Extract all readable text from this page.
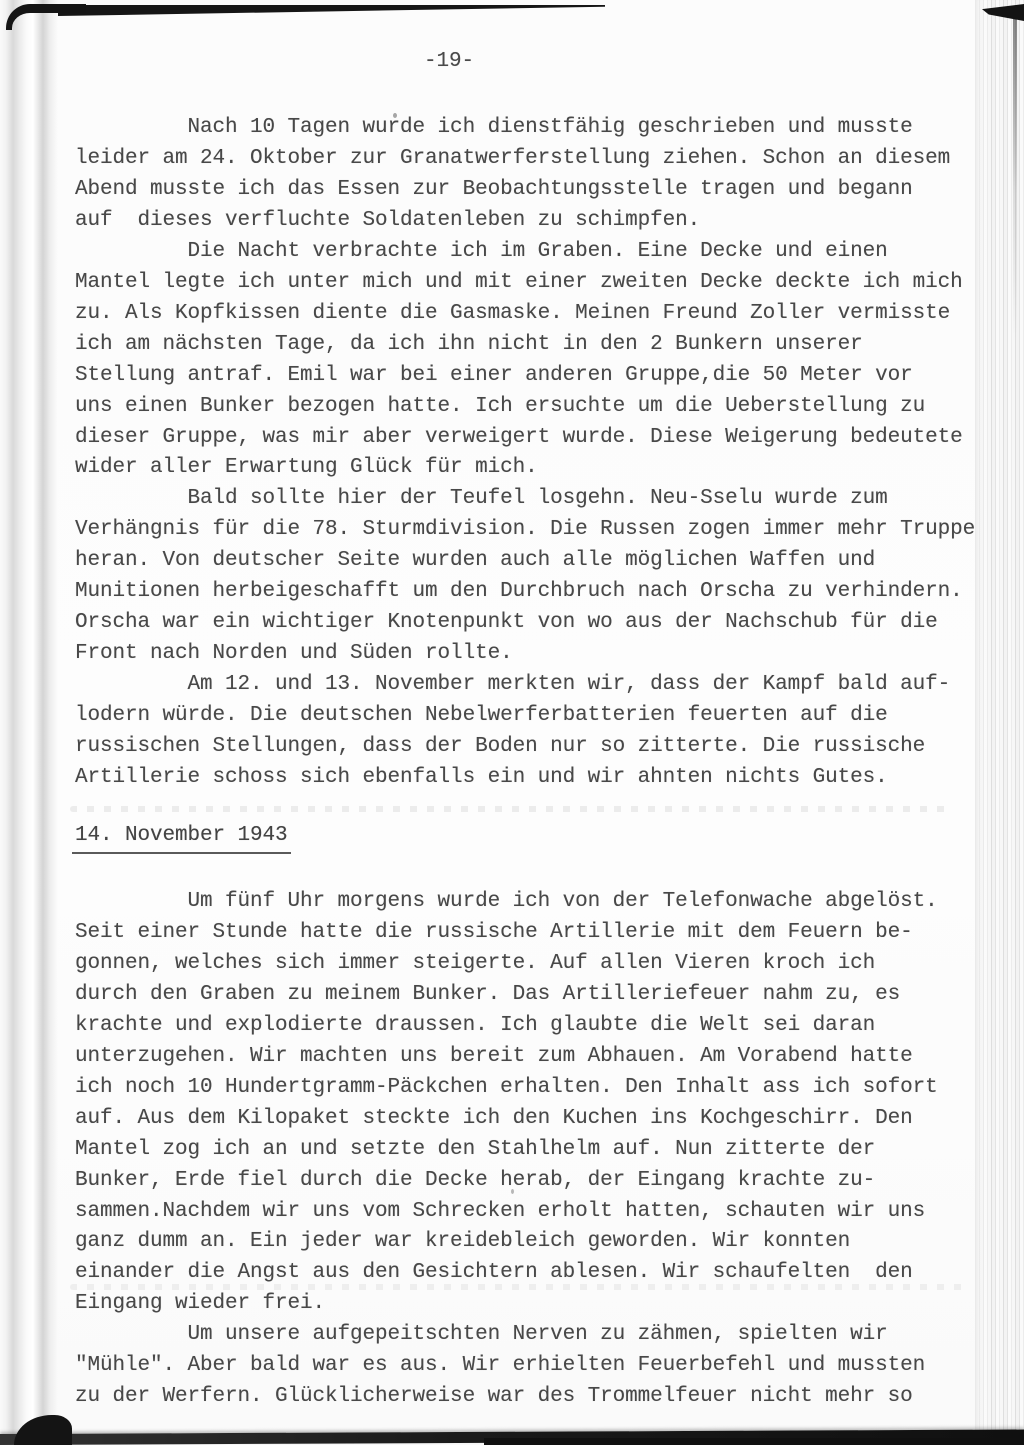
-19-
Nach 10 Tagen wurde ich dienstfähig geschrieben und musste
leider am 24. Oktober zur Granatwerferstellung ziehen. Schon an diesem
Abend musste ich das Essen zur Beobachtungsstelle tragen und begann
auf  dieses verfluchte Soldatenleben zu schimpfen.
Die Nacht verbrachte ich im Graben. Eine Decke und einen
Mantel legte ich unter mich und mit einer zweiten Decke deckte ich mich
zu. Als Kopfkissen diente die Gasmaske. Meinen Freund Zoller vermisste
ich am nächsten Tage, da ich ihn nicht in den 2 Bunkern unserer
Stellung antraf. Emil war bei einer anderen Gruppe,die 50 Meter vor
uns einen Bunker bezogen hatte. Ich ersuchte um die Ueberstellung zu
dieser Gruppe, was mir aber verweigert wurde. Diese Weigerung bedeutete
wider aller Erwartung Glück für mich.
Bald sollte hier der Teufel losgehn. Neu-Sselu wurde zum
Verhängnis für die 78. Sturmdivision. Die Russen zogen immer mehr Truppe
heran. Von deutscher Seite wurden auch alle möglichen Waffen und
Munitionen herbeigeschafft um den Durchbruch nach Orscha zu verhindern.
Orscha war ein wichtiger Knotenpunkt von wo aus der Nachschub für die
Front nach Norden und Süden rollte.
Am 12. und 13. November merkten wir, dass der Kampf bald auf-
lodern würde. Die deutschen Nebelwerferbatterien feuerten auf die
russischen Stellungen, dass der Boden nur so zitterte. Die russische
Artillerie schoss sich ebenfalls ein und wir ahnten nichts Gutes.
14. November 1943
Um fünf Uhr morgens wurde ich von der Telefonwache abgelöst.
Seit einer Stunde hatte die russische Artillerie mit dem Feuern be-
gonnen, welches sich immer steigerte. Auf allen Vieren kroch ich
durch den Graben zu meinem Bunker. Das Artilleriefeuer nahm zu, es
krachte und explodierte draussen. Ich glaubte die Welt sei daran
unterzugehen. Wir machten uns bereit zum Abhauen. Am Vorabend hatte
ich noch 10 Hundertgramm-Päckchen erhalten. Den Inhalt ass ich sofort
auf. Aus dem Kilopaket steckte ich den Kuchen ins Kochgeschirr. Den
Mantel zog ich an und setzte den Stahlhelm auf. Nun zitterte der
Bunker, Erde fiel durch die Decke herab, der Eingang krachte zu-
sammen.Nachdem wir uns vom Schrecken erholt hatten, schauten wir uns
ganz dumm an. Ein jeder war kreidebleich geworden. Wir konnten
einander die Angst aus den Gesichtern ablesen. Wir schaufelten  den
Eingang wieder frei.
Um unsere aufgepeitschten Nerven zu zähmen, spielten wir
"Mühle". Aber bald war es aus. Wir erhielten Feuerbefehl und mussten
zu der Werfern. Glücklicherweise war des Trommelfeuer nicht mehr so
